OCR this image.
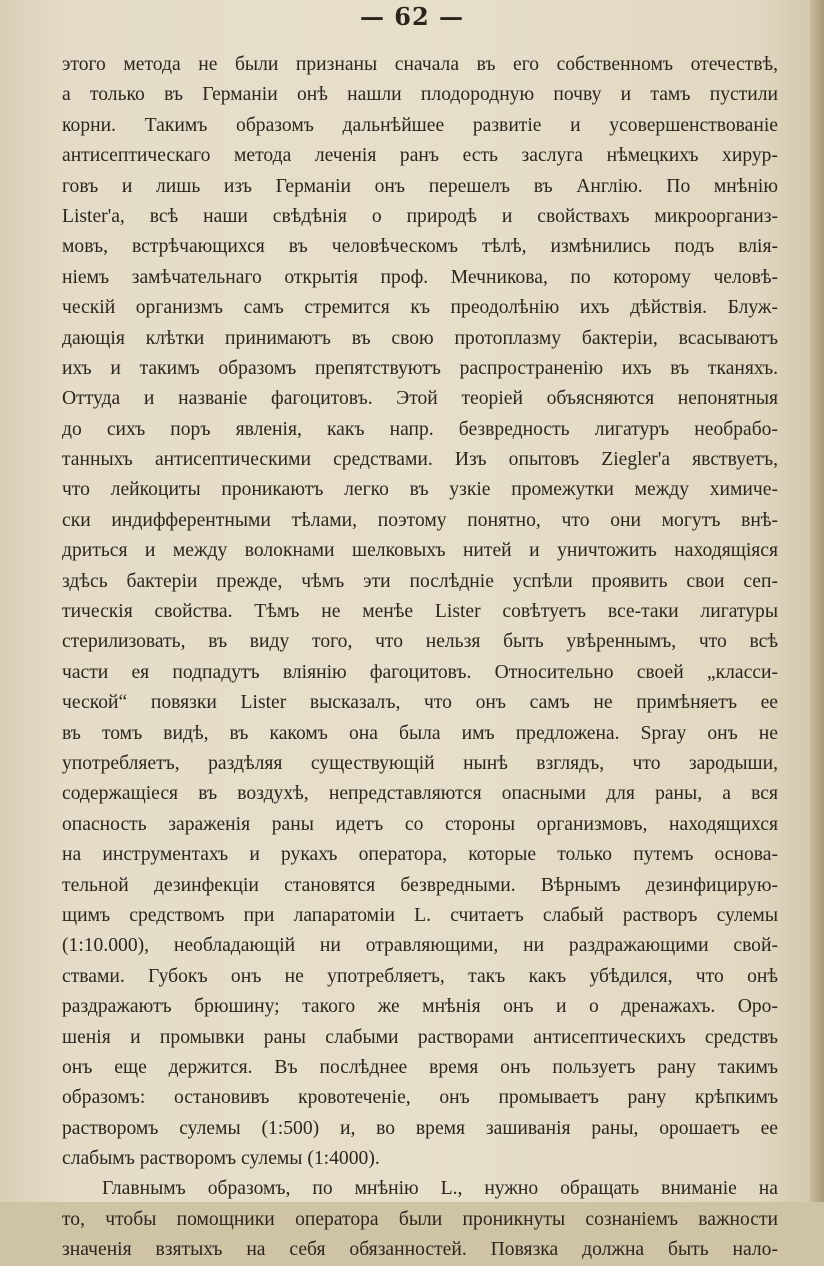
— 62 —
этого метода не были признаны сначала въ его собственномъ отечествѣ,
а только въ Германіи онѣ нашли плодородную почву и тамъ пустили
корни. Такимъ образомъ дальнѣйшее развитіе и усовершенствованіе
антисептическаго метода леченія ранъ есть заслуга нѣмецкихъ хирур-
говъ и лишь изъ Германіи онъ перешелъ въ Англію. По мнѣнію
Lister'а, всѣ наши свѣдѣнія о природѣ и свойствахъ микроорганиз-
мовъ, встрѣчающихся въ человѣческомъ тѣлѣ, измѣнились подъ влія-
ніемъ замѣчательнаго открытія проф. Мечникова, по которому человѣ-
ческій организмъ самъ стремится къ преодолѣнію ихъ дѣйствія. Блуж-
дающія клѣтки принимаютъ въ свою протоплазму бактеріи, всасываютъ
ихъ и такимъ образомъ препятствуютъ распространенію ихъ въ тканяхъ.
Оттуда и названіе фагоцитовъ. Этой теоріей объясняются непонятныя
до сихъ поръ явленія, какъ напр. безвредность лигатуръ необрабо-
танныхъ антисептическими средствами. Изъ опытовъ Ziegler'a явствуетъ,
что лейкоциты проникаютъ легко въ узкіе промежутки между химиче-
ски индифферентными тѣлами, поэтому понятно, что они могутъ внѣ-
дриться и между волокнами шелковыхъ нитей и уничтожить находящіяся
здѣсь бактеріи прежде, чѣмъ эти послѣдніе успѣли проявить свои сеп-
тическія свойства. Тѣмъ не менѣе Lister совѣтуетъ все-таки лигатуры
стерилизовать, въ виду того, что нельзя быть увѣреннымъ, что всѣ
части ея подпадутъ вліянію фагоцитовъ. Относительно своей „класси-
ческой“ повязки Lister высказалъ, что онъ самъ не примѣняетъ ее
въ томъ видѣ, въ какомъ она была имъ предложена. Spray онъ не
употребляетъ, раздѣляя существующій нынѣ взглядъ, что зародыши,
содержащіеся въ воздухѣ, непредставляются опасными для раны, а вся
опасность зараженія раны идетъ со стороны организмовъ, находящихся
на инструментахъ и рукахъ оператора, которые только путемъ основа-
тельной дезинфекціи становятся безвредными. Вѣрнымъ дезинфицирую-
щимъ средствомъ при лапаратоміи L. считаетъ слабый растворъ сулемы
(1:10.000), необладающій ни отравляющими, ни раздражающими свой-
ствами. Губокъ онъ не употребляетъ, такъ какъ убѣдился, что онѣ
раздражаютъ брюшину; такого же мнѣнія онъ и о дренажахъ. Оро-
шенія и промывки раны слабыми растворами антисептическихъ средствъ
онъ еще держится. Въ послѣднее время онъ пользуетъ рану такимъ
образомъ: остановивъ кровотеченіе, онъ промываетъ рану крѣпкимъ
растворомъ сулемы (1:500) и, во время зашиванія раны, орошаетъ ее
слабымъ растворомъ сулемы (1:4000).
Главнымъ образомъ, по мнѣнію L., нужно обращать вниманіе на
то, чтобы помощники оператора были проникнуты сознаніемъ важности
значенія взятыхъ на себя обязанностей. Повязка должна быть нало-
